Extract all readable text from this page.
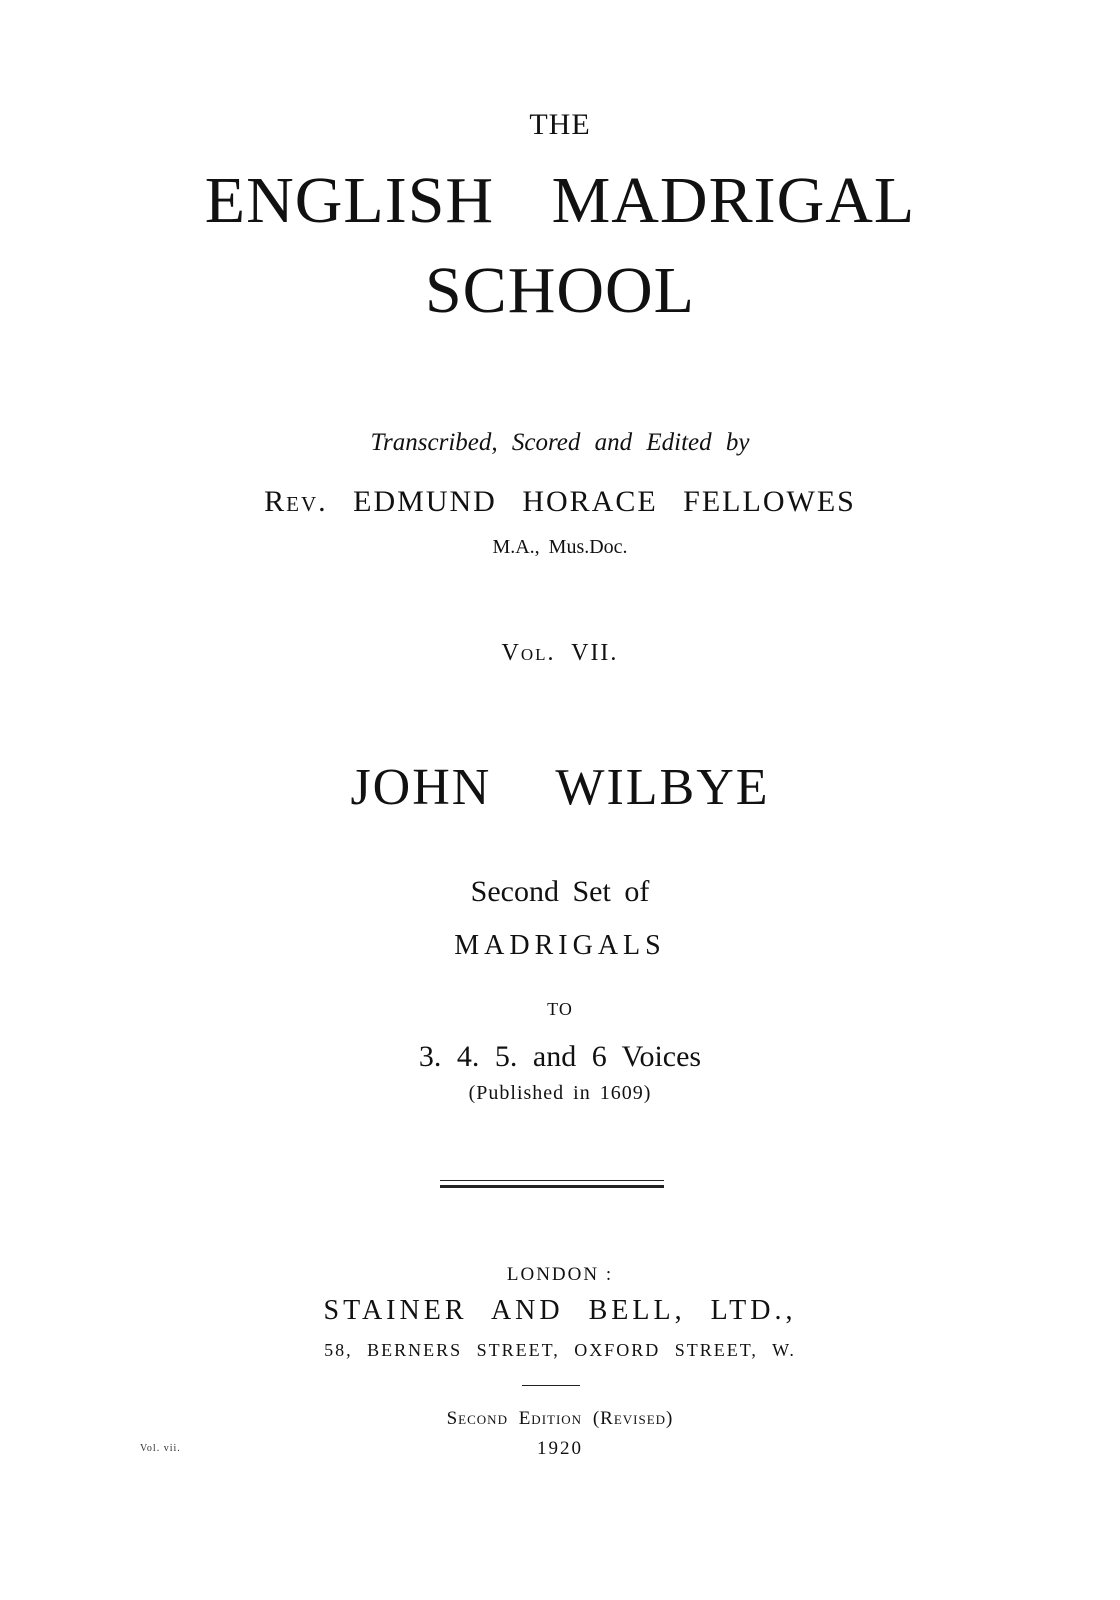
THE
ENGLISH MADRIGAL
SCHOOL
Transcribed, Scored and Edited by
Rev. EDMUND HORACE FELLOWES
M.A., Mus.Doc.
Vol. VII.
JOHN WILBYE
Second Set of
MADRIGALS
TO
3. 4. 5. and 6 Voices
(Published in 1609)
LONDON :
STAINER AND BELL, LTD.,
58, BERNERS STREET, OXFORD STREET, W.
Second Edition (Revised)
1920
Vol. vii.
